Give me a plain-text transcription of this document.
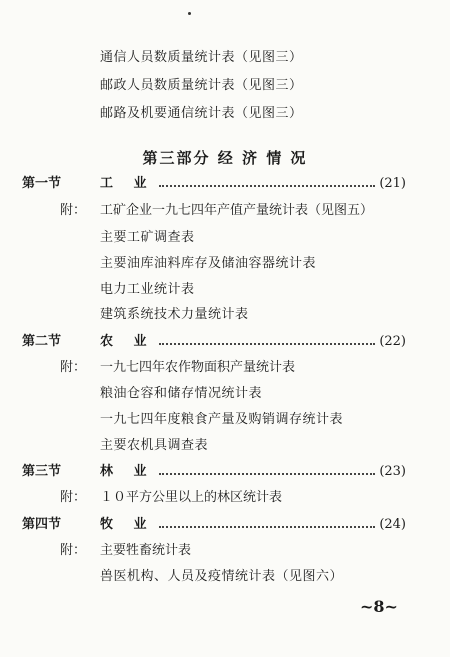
通信人员数质量统计表（见图三）
邮政人员数质量统计表（见图三）
邮路及机要通信统计表（见图三）
第三部分 经 济 情 况
第一节	工 业	(21)
附： 工矿企业一九七四年产值产量统计表（见图五）
主要工矿调查表
主要油库油料库存及储油容器统计表
电力工业统计表
建筑系统技术力量统计表
第二节	农 业	(22)
附： 一九七四年农作物面积产量统计表
粮油仓容和储存情况统计表
一九七四年度粮食产量及购销调存统计表
主要农机具调查表
第三节	林 业	(23)
附： １０平方公里以上的林区统计表
第四节	牧 业	(24)
附： 主要牲畜统计表
兽医机构、人员及疫情统计表（见图六）
~8~
